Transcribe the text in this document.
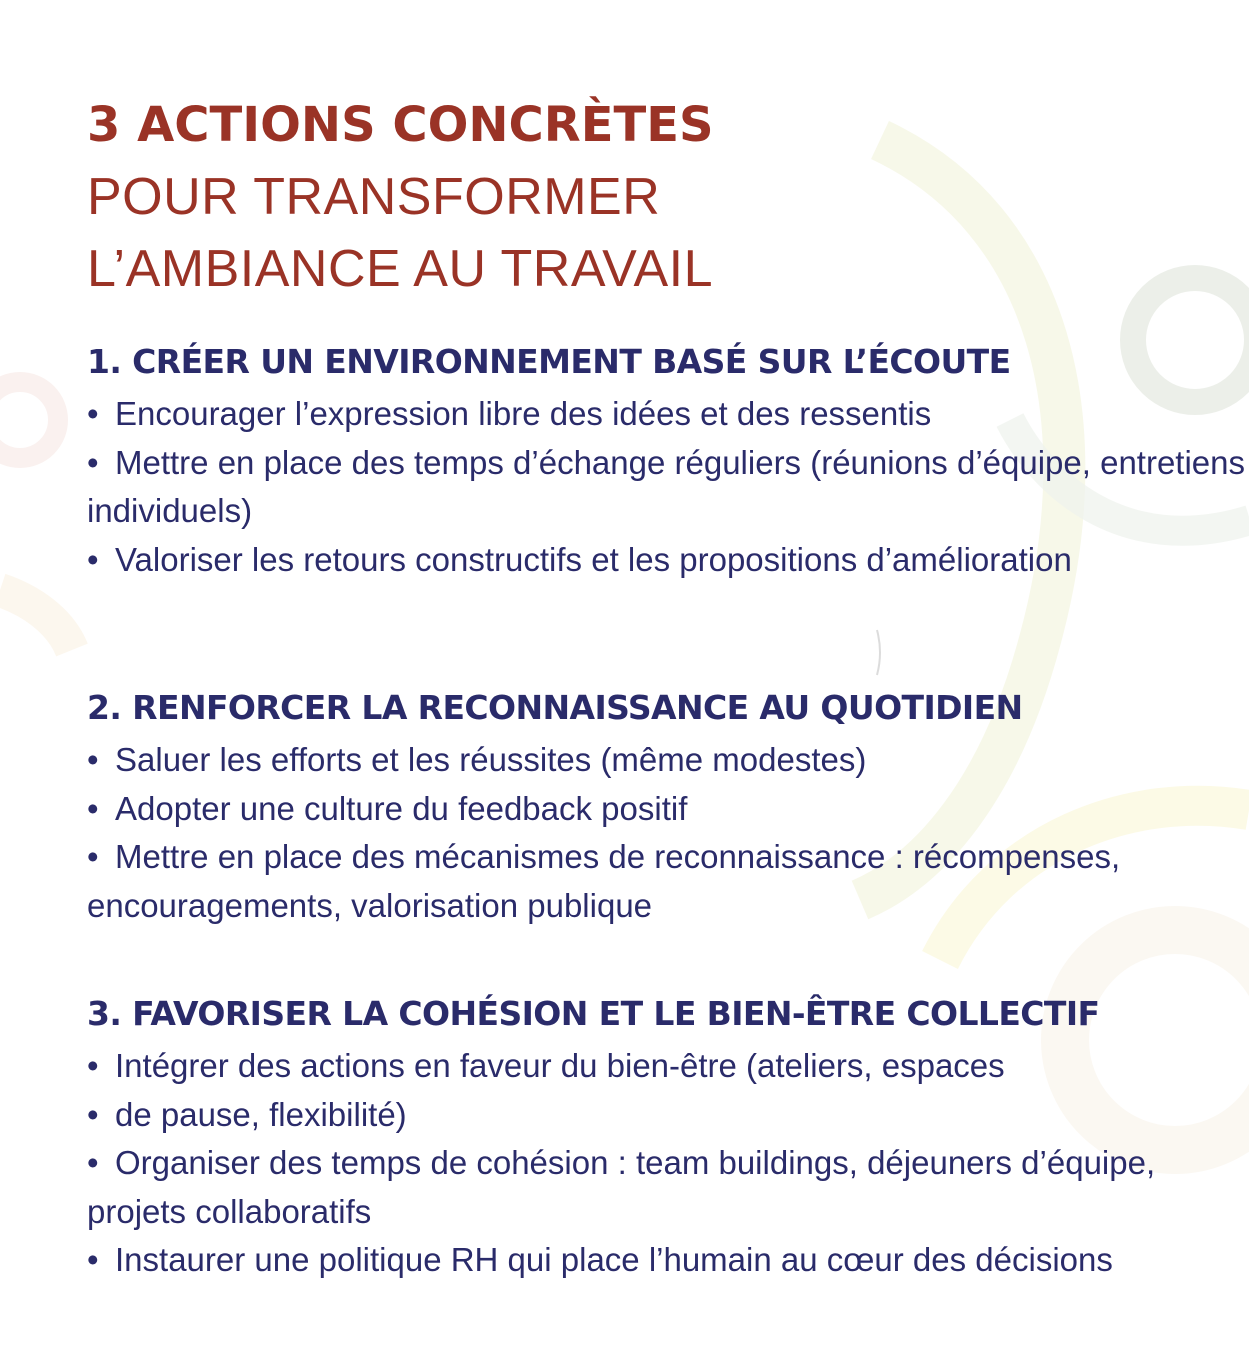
3 ACTIONS CONCRÈTES POUR TRANSFORMER L’AMBIANCE AU TRAVAIL
1. CRÉER UN ENVIRONNEMENT BASÉ SUR L’ÉCOUTE
• Encourager l’expression libre des idées et des ressentis
• Mettre en place des temps d’échange réguliers (réunions d’équipe, entretiens individuels)
• Valoriser les retours constructifs et les propositions d’amélioration
2. RENFORCER LA RECONNAISSANCE AU QUOTIDIEN
• Saluer les efforts et les réussites (même modestes)
• Adopter une culture du feedback positif
• Mettre en place des mécanismes de reconnaissance : récompenses, encouragements, valorisation publique
3. FAVORISER LA COHÉSION ET LE BIEN-ÊTRE COLLECTIF
• Intégrer des actions en faveur du bien-être (ateliers, espaces
• de pause, flexibilité)
• Organiser des temps de cohésion : team buildings, déjeuners d’équipe, projets collaboratifs
• Instaurer une politique RH qui place l’humain au cœur des décisions
